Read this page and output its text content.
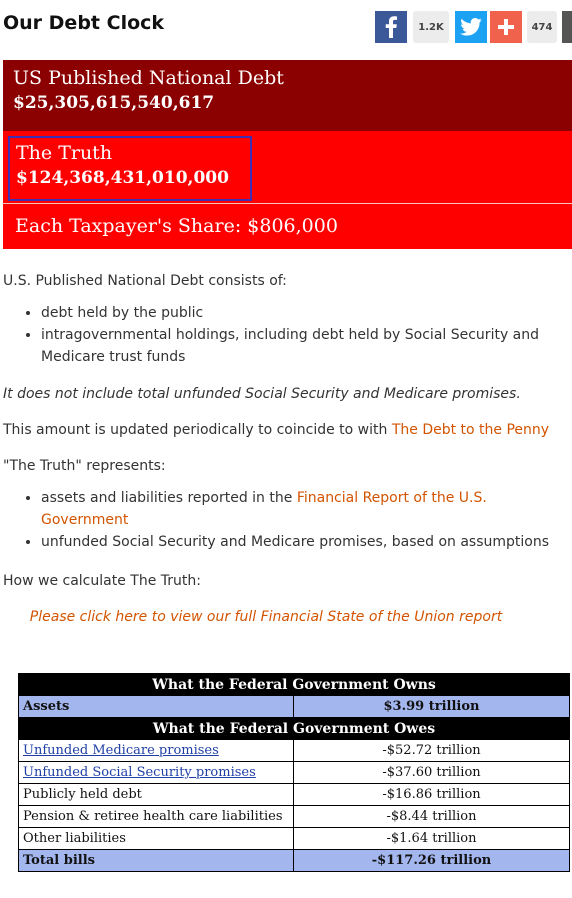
Our Debt Clock	1.2K	474
US Published National Debt
$25,305,615,540,617
The Truth
$124,368,431,010,000
Each Taxpayer's Share: $806,000

U.S. Published National Debt consists of:

• debt held by the public
• intragovernmental holdings, including debt held by Social Security and Medicare trust funds

It does not include total unfunded Social Security and Medicare promises.

This amount is updated periodically to coincide to with The Debt to the Penny

"The Truth" represents:

• assets and liabilities reported in the Financial Report of the U.S. Government
• unfunded Social Security and Medicare promises, based on assumptions

How we calculate The Truth:

Please click here to view our full Financial State of the Union report
What the Federal Government Owns	
Assets	$3.99 trillion
What the Federal Government Owes	
Unfunded Medicare promises	-$52.72 trillion
Unfunded Social Security promises	-$37.60 trillion
Publicly held debt	-$16.86 trillion
Pension & retiree health care liabilities	-$8.44 trillion
Other liabilities	-$1.64 trillion
Total bills	-$117.26 trillion
